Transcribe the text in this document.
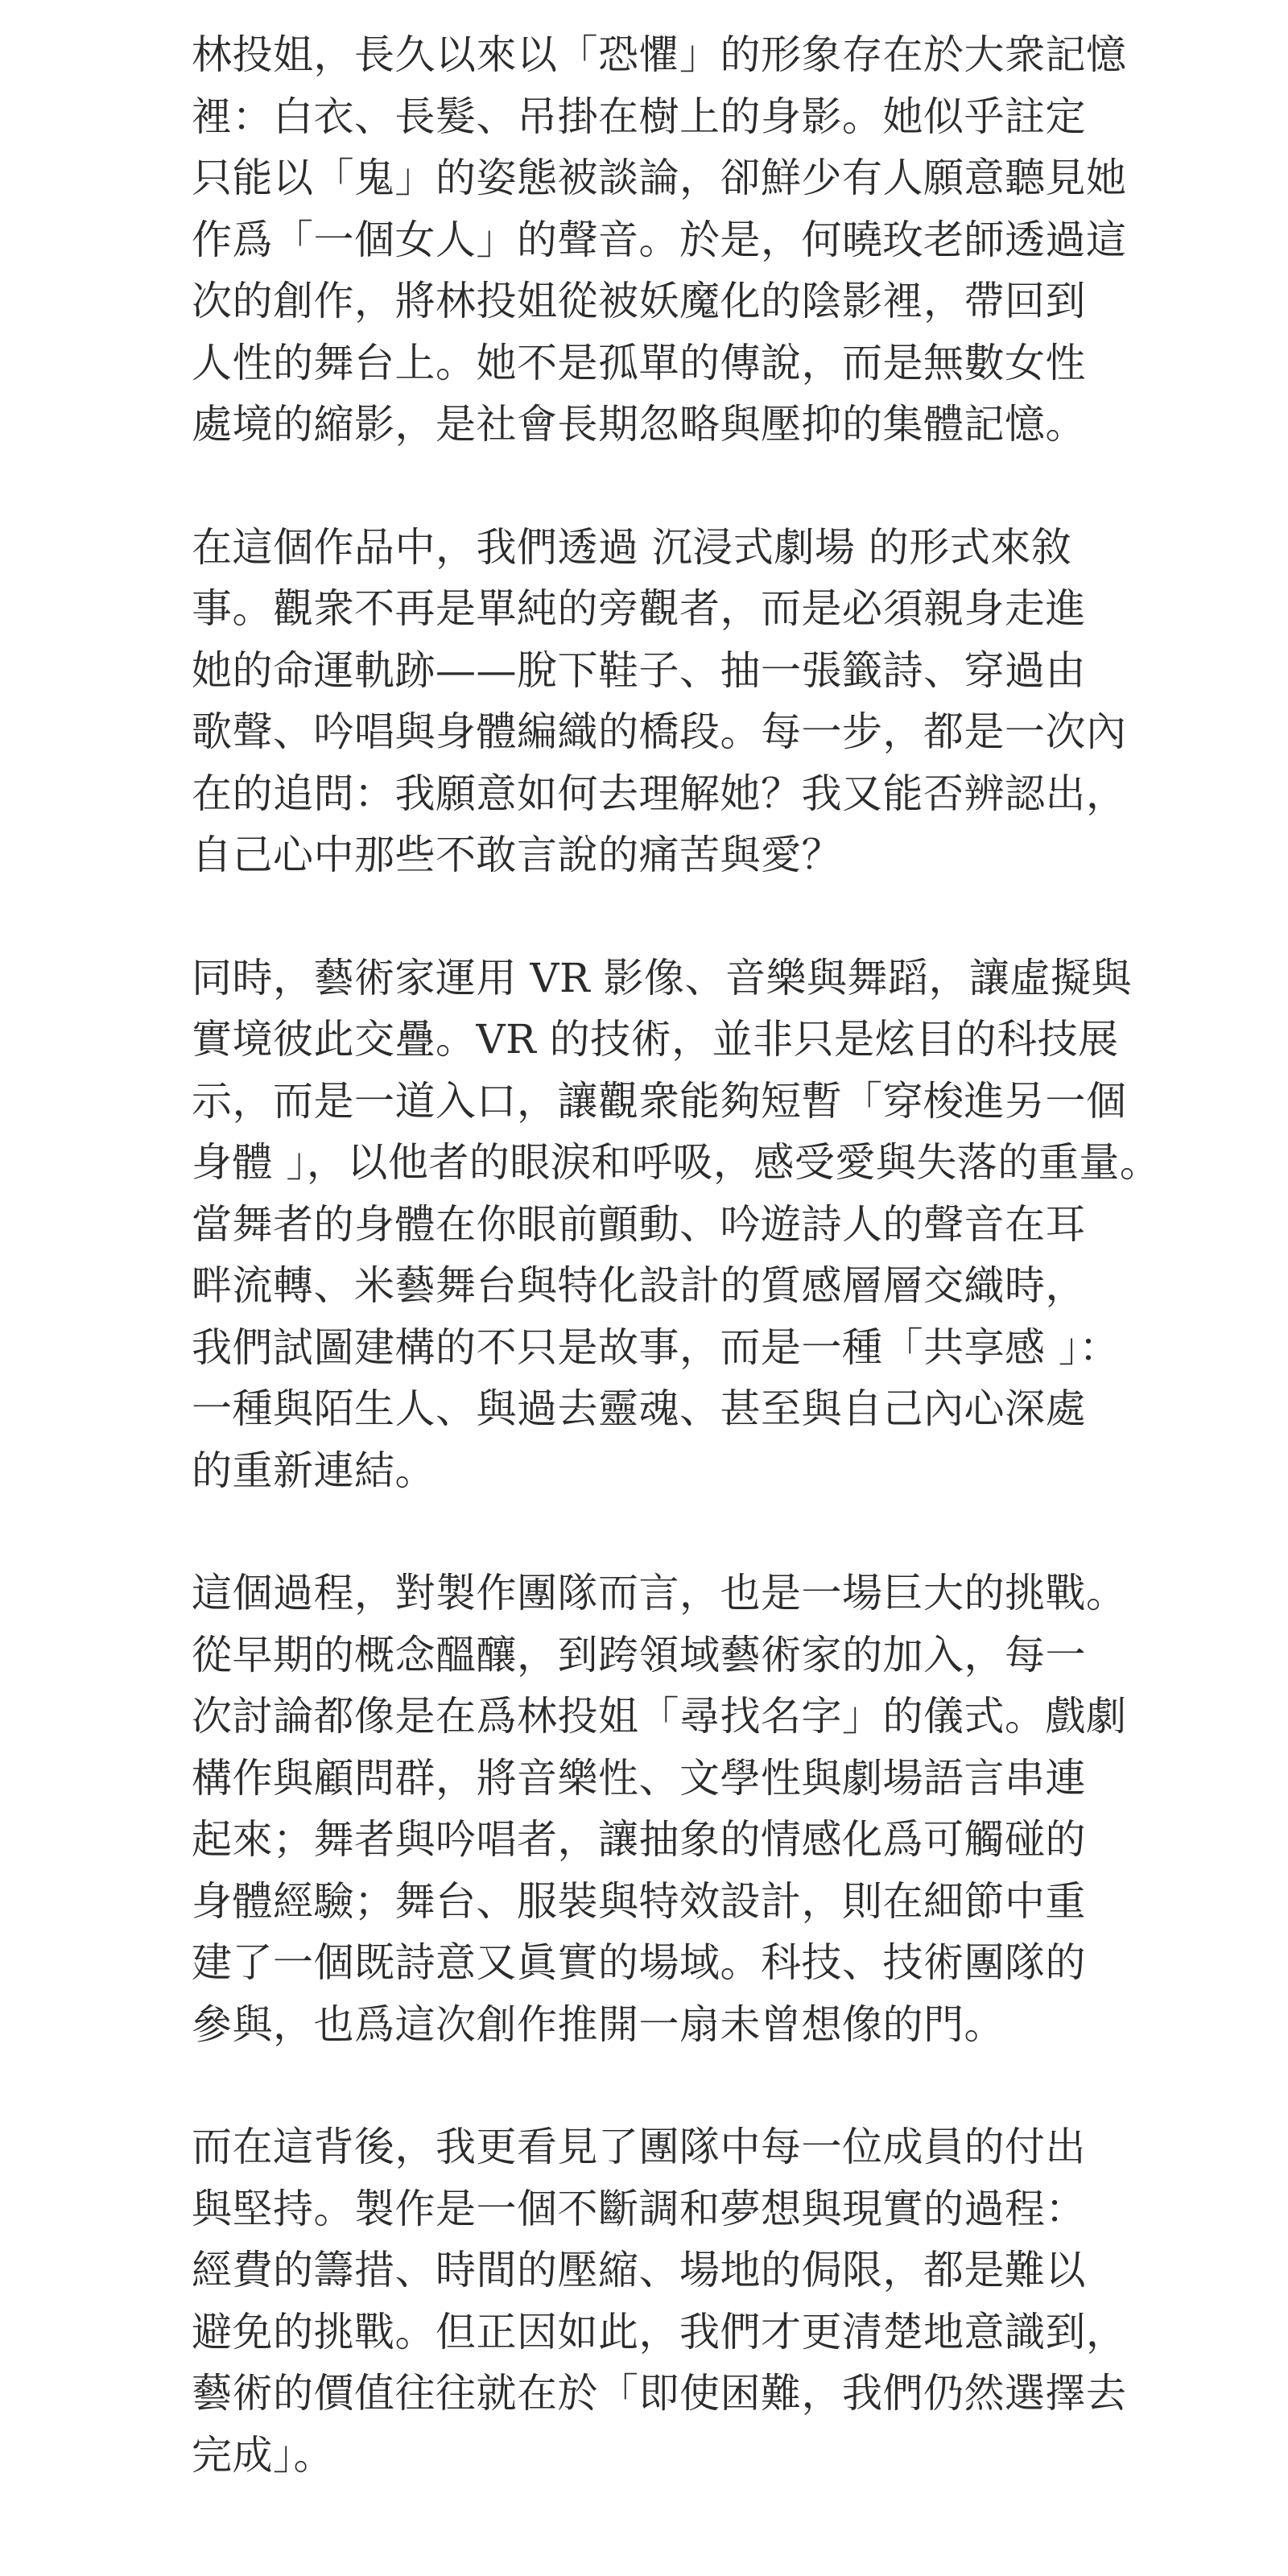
林投姐，長久以來以「恐懼」的形象存在於大衆記憶
裡：白衣、長髮、吊掛在樹上的身影。她似乎註定
只能以「鬼」的姿態被談論，卻鮮少有人願意聽見她
作爲「一個女人」的聲音。於是，何曉玫老師透過這
次的創作，將林投姐從被妖魔化的陰影裡，帶回到
人性的舞台上。她不是孤單的傳說，而是無數女性
處境的縮影，是社會長期忽略與壓抑的集體記憶。

在這個作品中，我們透過 沉浸式劇場 的形式來敘
事。觀衆不再是單純的旁觀者，而是必須親身走進
她的命運軌跡——脫下鞋子、抽一張籤詩、穿過由
歌聲、吟唱與身體編織的橋段。每一步，都是一次內
在的追問：我願意如何去理解她？我又能否辨認出，
自己心中那些不敢言說的痛苦與愛？

同時，藝術家運用 VR 影像、音樂與舞蹈，讓虛擬與
實境彼此交疊。VR 的技術，並非只是炫目的科技展
示，而是一道入口，讓觀衆能夠短暫「穿梭進另一個
身體 」，以他者的眼淚和呼吸，感受愛與失落的重量。
當舞者的身體在你眼前顫動、吟遊詩人的聲音在耳
畔流轉、米藝舞台與特化設計的質感層層交織時，
我們試圖建構的不只是故事，而是一種「共享感 」：
一種與陌生人、與過去靈魂、甚至與自己內心深處
的重新連結。

這個過程，對製作團隊而言，也是一場巨大的挑戰。
從早期的概念醞釀，到跨領域藝術家的加入，每一
次討論都像是在爲林投姐「尋找名字」的儀式。戲劇
構作與顧問群，將音樂性、文學性與劇場語言串連
起來；舞者與吟唱者，讓抽象的情感化爲可觸碰的
身體經驗；舞台、服裝與特效設計，則在細節中重
建了一個既詩意又眞實的場域。科技、技術團隊的
參與，也爲這次創作推開一扇未曾想像的門。

而在這背後，我更看見了團隊中每一位成員的付出
與堅持。製作是一個不斷調和夢想與現實的過程：
經費的籌措、時間的壓縮、場地的侷限，都是難以
避免的挑戰。但正因如此，我們才更清楚地意識到，
藝術的價值往往就在於「即使困難，我們仍然選擇去
完成」。
